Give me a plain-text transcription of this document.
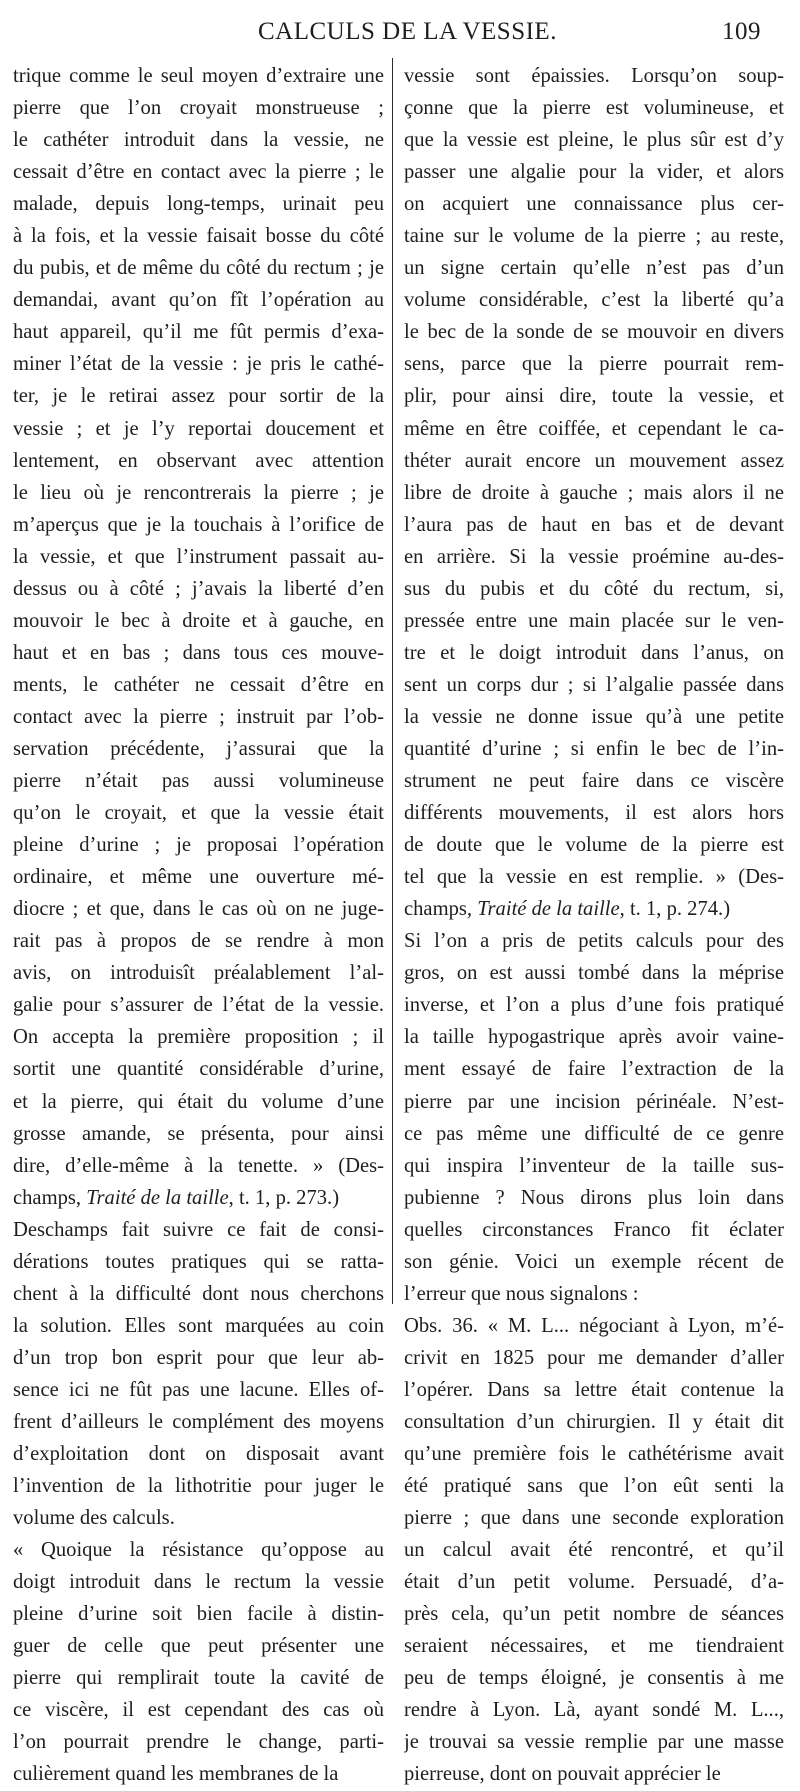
CALCULS DE LA VESSIE.	109
trique comme le seul moyen d’extraire une
pierre que l’on croyait monstrueuse ;
le cathéter introduit dans la vessie, ne
cessait d’être en contact avec la pierre ; le
malade, depuis long-temps, urinait peu
à la fois, et la vessie faisait bosse du côté
du pubis, et de même du côté du rectum ; je
demandai, avant qu’on fît l’opération au
haut appareil, qu’il me fût permis d’exa-
miner l’état de la vessie : je pris le cathé-
ter, je le retirai assez pour sortir de la
vessie ; et je l’y reportai doucement et
lentement, en observant avec attention
le lieu où je rencontrerais la pierre ; je
m’aperçus que je la touchais à l’orifice de
la vessie, et que l’instrument passait au-
dessus ou à côté ; j’avais la liberté d’en
mouvoir le bec à droite et à gauche, en
haut et en bas ; dans tous ces mouve-
ments, le cathéter ne cessait d’être en
contact avec la pierre ; instruit par l’ob-
servation précédente, j’assurai que la
pierre n’était pas aussi volumineuse
qu’on le croyait, et que la vessie était
pleine d’urine ; je proposai l’opération
ordinaire, et même une ouverture mé-
diocre ; et que, dans le cas où on ne juge-
rait pas à propos de se rendre à mon
avis, on introduisît préalablement l’al-
galie pour s’assurer de l’état de la vessie.
On accepta la première proposition ; il
sortit une quantité considérable d’urine,
et la pierre, qui était du volume d’une
grosse amande, se présenta, pour ainsi
dire, d’elle-même à la tenette. » (Des-
champs, Traité de la taille, t. 1, p. 273.)
Deschamps fait suivre ce fait de consi-
dérations toutes pratiques qui se ratta-
chent à la difficulté dont nous cherchons
la solution. Elles sont marquées au coin
d’un trop bon esprit pour que leur ab-
sence ici ne fût pas une lacune. Elles of-
frent d’ailleurs le complément des moyens
d’exploitation dont on disposait avant
l’invention de la lithotritie pour juger le
volume des calculs.
« Quoique la résistance qu’oppose au
doigt introduit dans le rectum la vessie
pleine d’urine soit bien facile à distin-
guer de celle que peut présenter une
pierre qui remplirait toute la cavité de
ce viscère, il est cependant des cas où
l’on pourrait prendre le change, parti-
culièrement quand les membranes de la
vessie sont épaissies. Lorsqu’on soup-
çonne que la pierre est volumineuse, et
que la vessie est pleine, le plus sûr est d’y
passer une algalie pour la vider, et alors
on acquiert une connaissance plus cer-
taine sur le volume de la pierre ; au reste,
un signe certain qu’elle n’est pas d’un
volume considérable, c’est la liberté qu’a
le bec de la sonde de se mouvoir en divers
sens, parce que la pierre pourrait rem-
plir, pour ainsi dire, toute la vessie, et
même en être coiffée, et cependant le ca-
théter aurait encore un mouvement assez
libre de droite à gauche ; mais alors il ne
l’aura pas de haut en bas et de devant
en arrière. Si la vessie proémine au-des-
sus du pubis et du côté du rectum, si,
pressée entre une main placée sur le ven-
tre et le doigt introduit dans l’anus, on
sent un corps dur ; si l’algalie passée dans
la vessie ne donne issue qu’à une petite
quantité d’urine ; si enfin le bec de l’in-
strument ne peut faire dans ce viscère
différents mouvements, il est alors hors
de doute que le volume de la pierre est
tel que la vessie en est remplie. » (Des-
champs, Traité de la taille, t. 1, p. 274.)
Si l’on a pris de petits calculs pour des
gros, on est aussi tombé dans la méprise
inverse, et l’on a plus d’une fois pratiqué
la taille hypogastrique après avoir vaine-
ment essayé de faire l’extraction de la
pierre par une incision périnéale. N’est-
ce pas même une difficulté de ce genre
qui inspira l’inventeur de la taille sus-
pubienne ? Nous dirons plus loin dans
quelles circonstances Franco fit éclater
son génie. Voici un exemple récent de
l’erreur que nous signalons :
Obs. 36. « M. L... négociant à Lyon, m’é-
crivit en 1825 pour me demander d’aller
l’opérer. Dans sa lettre était contenue la
consultation d’un chirurgien. Il y était dit
qu’une première fois le cathétérisme avait
été pratiqué sans que l’on eût senti la
pierre ; que dans une seconde exploration
un calcul avait été rencontré, et qu’il
était d’un petit volume. Persuadé, d’a-
près cela, qu’un petit nombre de séances
seraient nécessaires, et me tiendraient
peu de temps éloigné, je consentis à me
rendre à Lyon. Là, ayant sondé M. L...,
je trouvai sa vessie remplie par une masse
pierreuse, dont on pouvait apprécier le
